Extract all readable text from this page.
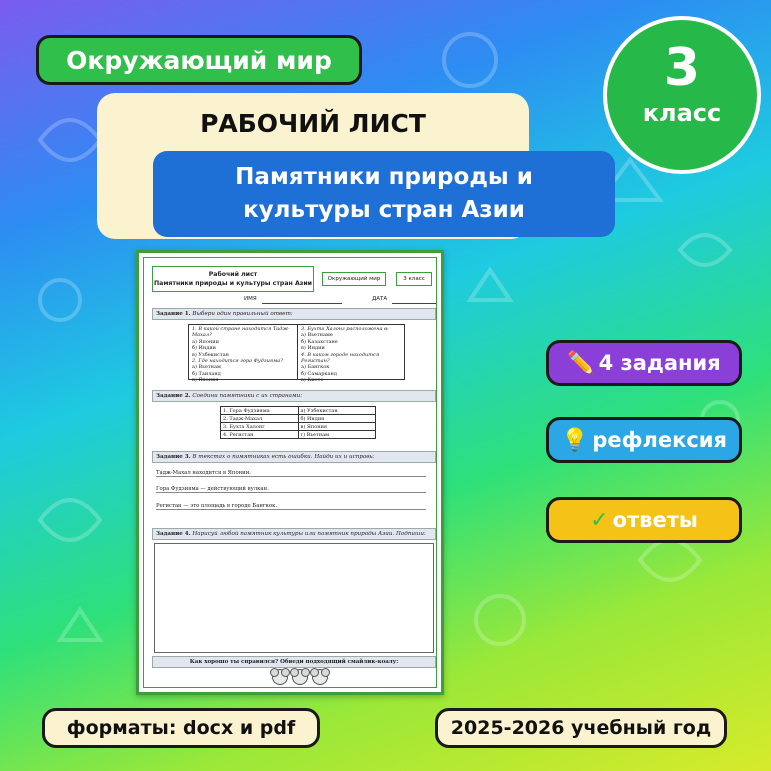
Окружающий мир	3
класс
РАБОЧИЙ ЛИСТ
Памятники природы и
культуры стран Азии
Рабочий лист
Памятники природы и культуры стран Азии
Окружающий мир	3 класс
ИМЯ	ДАТА
Задание 1. Выбери один правильный ответ:
1. В какой стране находится Тадж-Махал?
а) Японии
б) Индии
в) Узбекистан
2. Где находится гора Фудзияма?
а) Вьетнам
б) Таиланд
в) Япония
3. Бухта Халонг расположена в:
а) Вьетнаме
б) Казахстане
в) Индии
4. В каком городе находится Регистан?
а) Бангкок
б) Самарканд
в) Киото
Задание 2. Соедини памятники с их странами:
1. Гора Фудзияма	а) Узбекистан
2. Тадж-Махал	б) Индия
3. Бухта Халонг	в) Япония
4. Регистан	г) Вьетнам
Задание 3. В текстах о памятниках есть ошибки. Найди их и исправь:
Тадж-Махал находится в Японии.
Гора Фудзияма — действующий вулкан.
Регистан — это площадь в городе Бангкок.
Задание 4. Нарисуй любой памятник культуры или памятник природы Азии. Подпиши:
Как хорошо ты справился? Обведи подходящий смайлик-коалу:
✏️ 4 задания
💡 рефлексия
✓ ответы
форматы: docx и pdf	2025-2026 учебный год
